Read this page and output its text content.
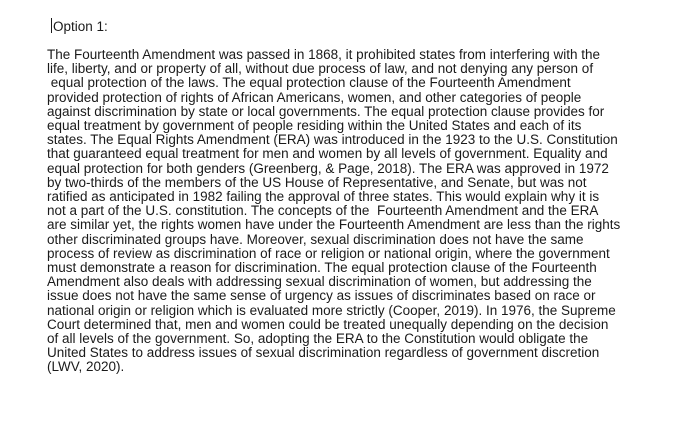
Option 1:
The Fourteenth Amendment was passed in 1868, it prohibited states from interfering with the
life, liberty, and or property of all, without due process of law, and not denying any person of
equal protection of the laws. The equal protection clause of the Fourteenth Amendment
provided protection of rights of African Americans, women, and other categories of people
against discrimination by state or local governments. The equal protection clause provides for
equal treatment by government of people residing within the United States and each of its
states. The Equal Rights Amendment (ERA) was introduced in the 1923 to the U.S. Constitution
that guaranteed equal treatment for men and women by all levels of government. Equality and
equal protection for both genders (Greenberg, & Page, 2018). The ERA was approved in 1972
by two-thirds of the members of the US House of Representative, and Senate, but was not
ratified as anticipated in 1982 failing the approval of three states. This would explain why it is
not a part of the U.S. constitution. The concepts of the  Fourteenth Amendment and the ERA
are similar yet, the rights women have under the Fourteenth Amendment are less than the rights
other discriminated groups have. Moreover, sexual discrimination does not have the same
process of review as discrimination of race or religion or national origin, where the government
must demonstrate a reason for discrimination. The equal protection clause of the Fourteenth
Amendment also deals with addressing sexual discrimination of women, but addressing the
issue does not have the same sense of urgency as issues of discriminates based on race or
national origin or religion which is evaluated more strictly (Cooper, 2019). In 1976, the Supreme
Court determined that, men and women could be treated unequally depending on the decision
of all levels of the government. So, adopting the ERA to the Constitution would obligate the
United States to address issues of sexual discrimination regardless of government discretion
(LWV, 2020).
